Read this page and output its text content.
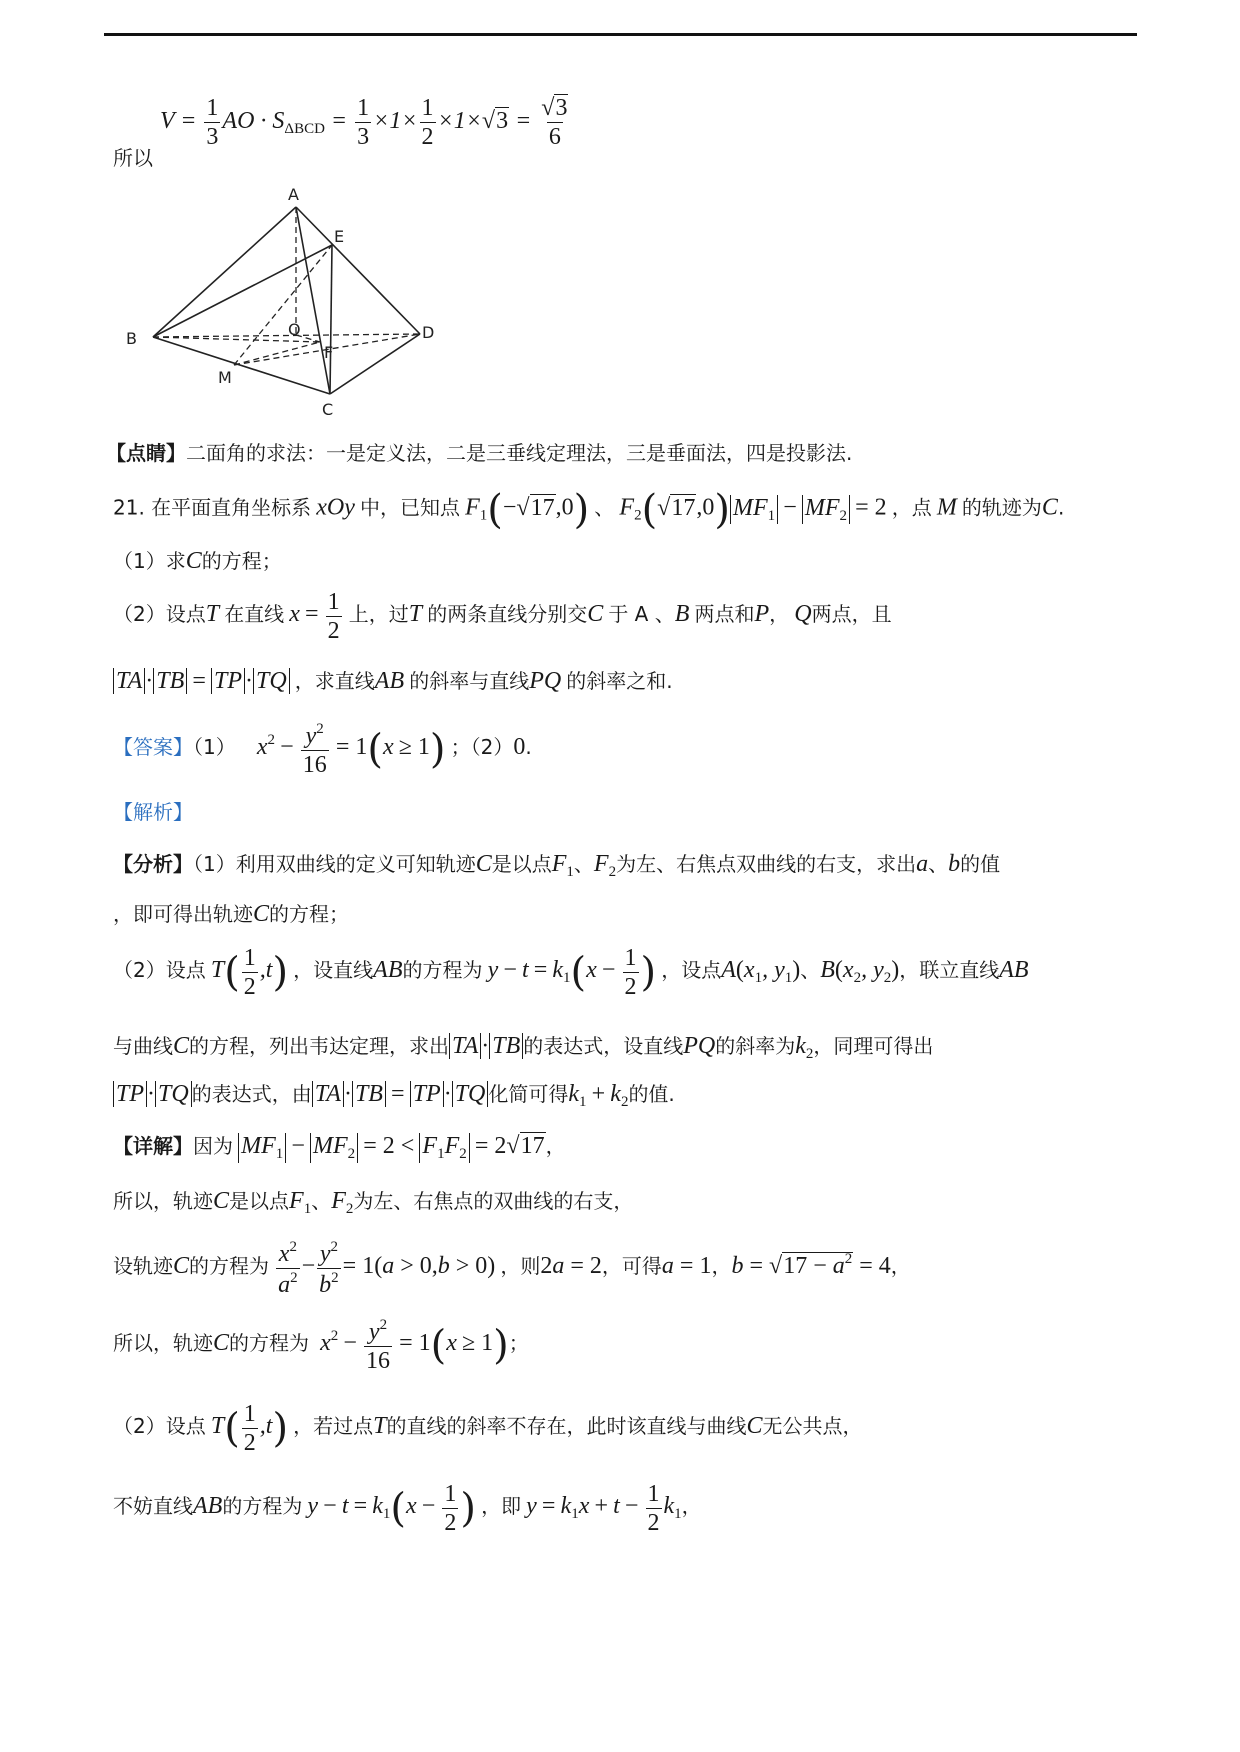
$V = \frac{1}{3}$ AO · $S_{\Delta BCD} = \frac{1}{3} \times 1\times \frac{1}{2} \times 1\times√3 = \frac{√3}{6}$
所以
A
E
B	O	D
F
M
C
【点睛】二面角的求法：一是定义法，二是三垂线定理法，三是垂面法，四是投影法.
21. 在平面直角坐标系 xOy 中，已知点 F1(−√17,0) 、 F2(√17,0) $MF_1 - MF_2 = 2$ ，点 M 的轨迹为C.
（1）求C的方程；
（2）设点T 在直线 $x = \frac{1}{2}$ 上，过T 的两条直线分别交C 于 A 、B 两点和P， Q两点，且
TA · TB = TP · TQ ，求直线AB 的斜率与直线PQ 的斜率之和.
【答案】（1） $x2 - \frac{y^2}{16} = 1(x \ge 1)$ ；（2）0.
【解析】
【分析】（1）利用双曲线的定义可知轨迹C是以点F1、F2为左、右焦点双曲线的右支，求出a、b的值
，即可得出轨迹C的方程；
（2）设点 $T( \frac{1}{2} ,t)$ ，设直线AB的方程为 $y - t = k1(x - \frac{1}{2}$ ) ，设点A(x1, y1)、B(x2, y2)，联立直线AB
与曲线C的方程，列出韦达定理，求出 TA · TB 的表达式，设直线PQ的斜率为k2，同理可得出
TP · TQ 的表达式，由 TA · TB = TP · TQ 化简可得k1 + k2的值.
【详解】因为 $MF_1 - MF_2 = 2 < F_1F_2 = 2√17$，
所以，轨迹C是以点F1、F2为左、右焦点的双曲线的右支，
设轨迹C的方程为 $\frac{x^2}{a^2} - \frac{y^2}{b^2} = 1(a > 0,b > 0)$ ，则2a = 2，可得a = 1，$b = √17 - a^2 = 4$，
所以，轨迹C的方程为 $x2 - \frac{y^2}{16} = 1(x \ge 1)$；
（2）设点 $T( \frac{1}{2} ,t)$ ，若过点T的直线的斜率不存在，此时该直线与曲线C无公共点，
不妨直线AB的方程为 $y - t = k1(x - \frac{1}{2}$ ) ，即 $y = k1x + t - \frac{1}{2} k1$，
